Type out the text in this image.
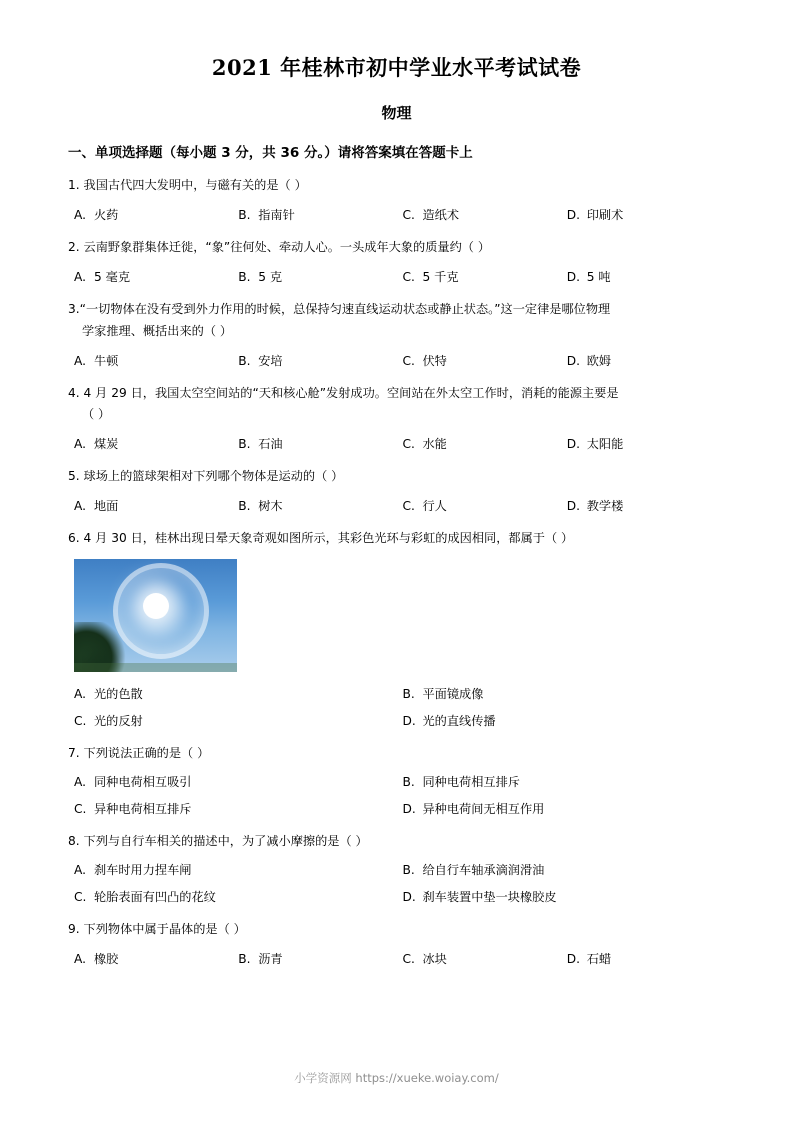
2021 年桂林市初中学业水平考试试卷
物理
一、单项选择题（每小题 3 分，共 36 分。）请将答案填在答题卡上
1. 我国古代四大发明中，与磁有关的是（ ）
A. 火药	B. 指南针	C. 造纸术	D. 印刷术
2. 云南野象群集体迁徙，“象”往何处、牵动人心。一头成年大象的质量约（ ）
A. 5 毫克	B. 5 克	C. 5 千克	D. 5 吨
3.“一切物体在没有受到外力作用的时候，总保持匀速直线运动状态或静止状态。”这一定律是哪位物理
学家推理、概括出来的（ ）
A. 牛顿	B. 安培	C. 伏特	D. 欧姆
4. 4 月 29 日，我国太空空间站的“天和核心舱”发射成功。空间站在外太空工作时，消耗的能源主要是
（ ）
A. 煤炭	B. 石油	C. 水能	D. 太阳能
5. 球场上的篮球架相对下列哪个物体是运动的（ ）
A. 地面	B. 树木	C. 行人	D. 教学楼
6. 4 月 30 日，桂林出现日晕天象奇观如图所示，其彩色光环与彩虹的成因相同，都属于（ ）
A. 光的色散	B. 平面镜成像
C. 光的反射	D. 光的直线传播
7. 下列说法正确的是（ ）
A. 同种电荷相互吸引	B. 同种电荷相互排斥
C. 异种电荷相互排斥	D. 异种电荷间无相互作用
8. 下列与自行车相关的描述中，为了减小摩擦的是（ ）
A. 刹车时用力捏车闸	B. 给自行车轴承滴润滑油
C. 轮胎表面有凹凸的花纹	D. 刹车装置中垫一块橡胶皮
9. 下列物体中属于晶体的是（ ）
A. 橡胶	B. 沥青	C. 冰块	D. 石蜡
小学资源网 https://xueke.woiay.com/
